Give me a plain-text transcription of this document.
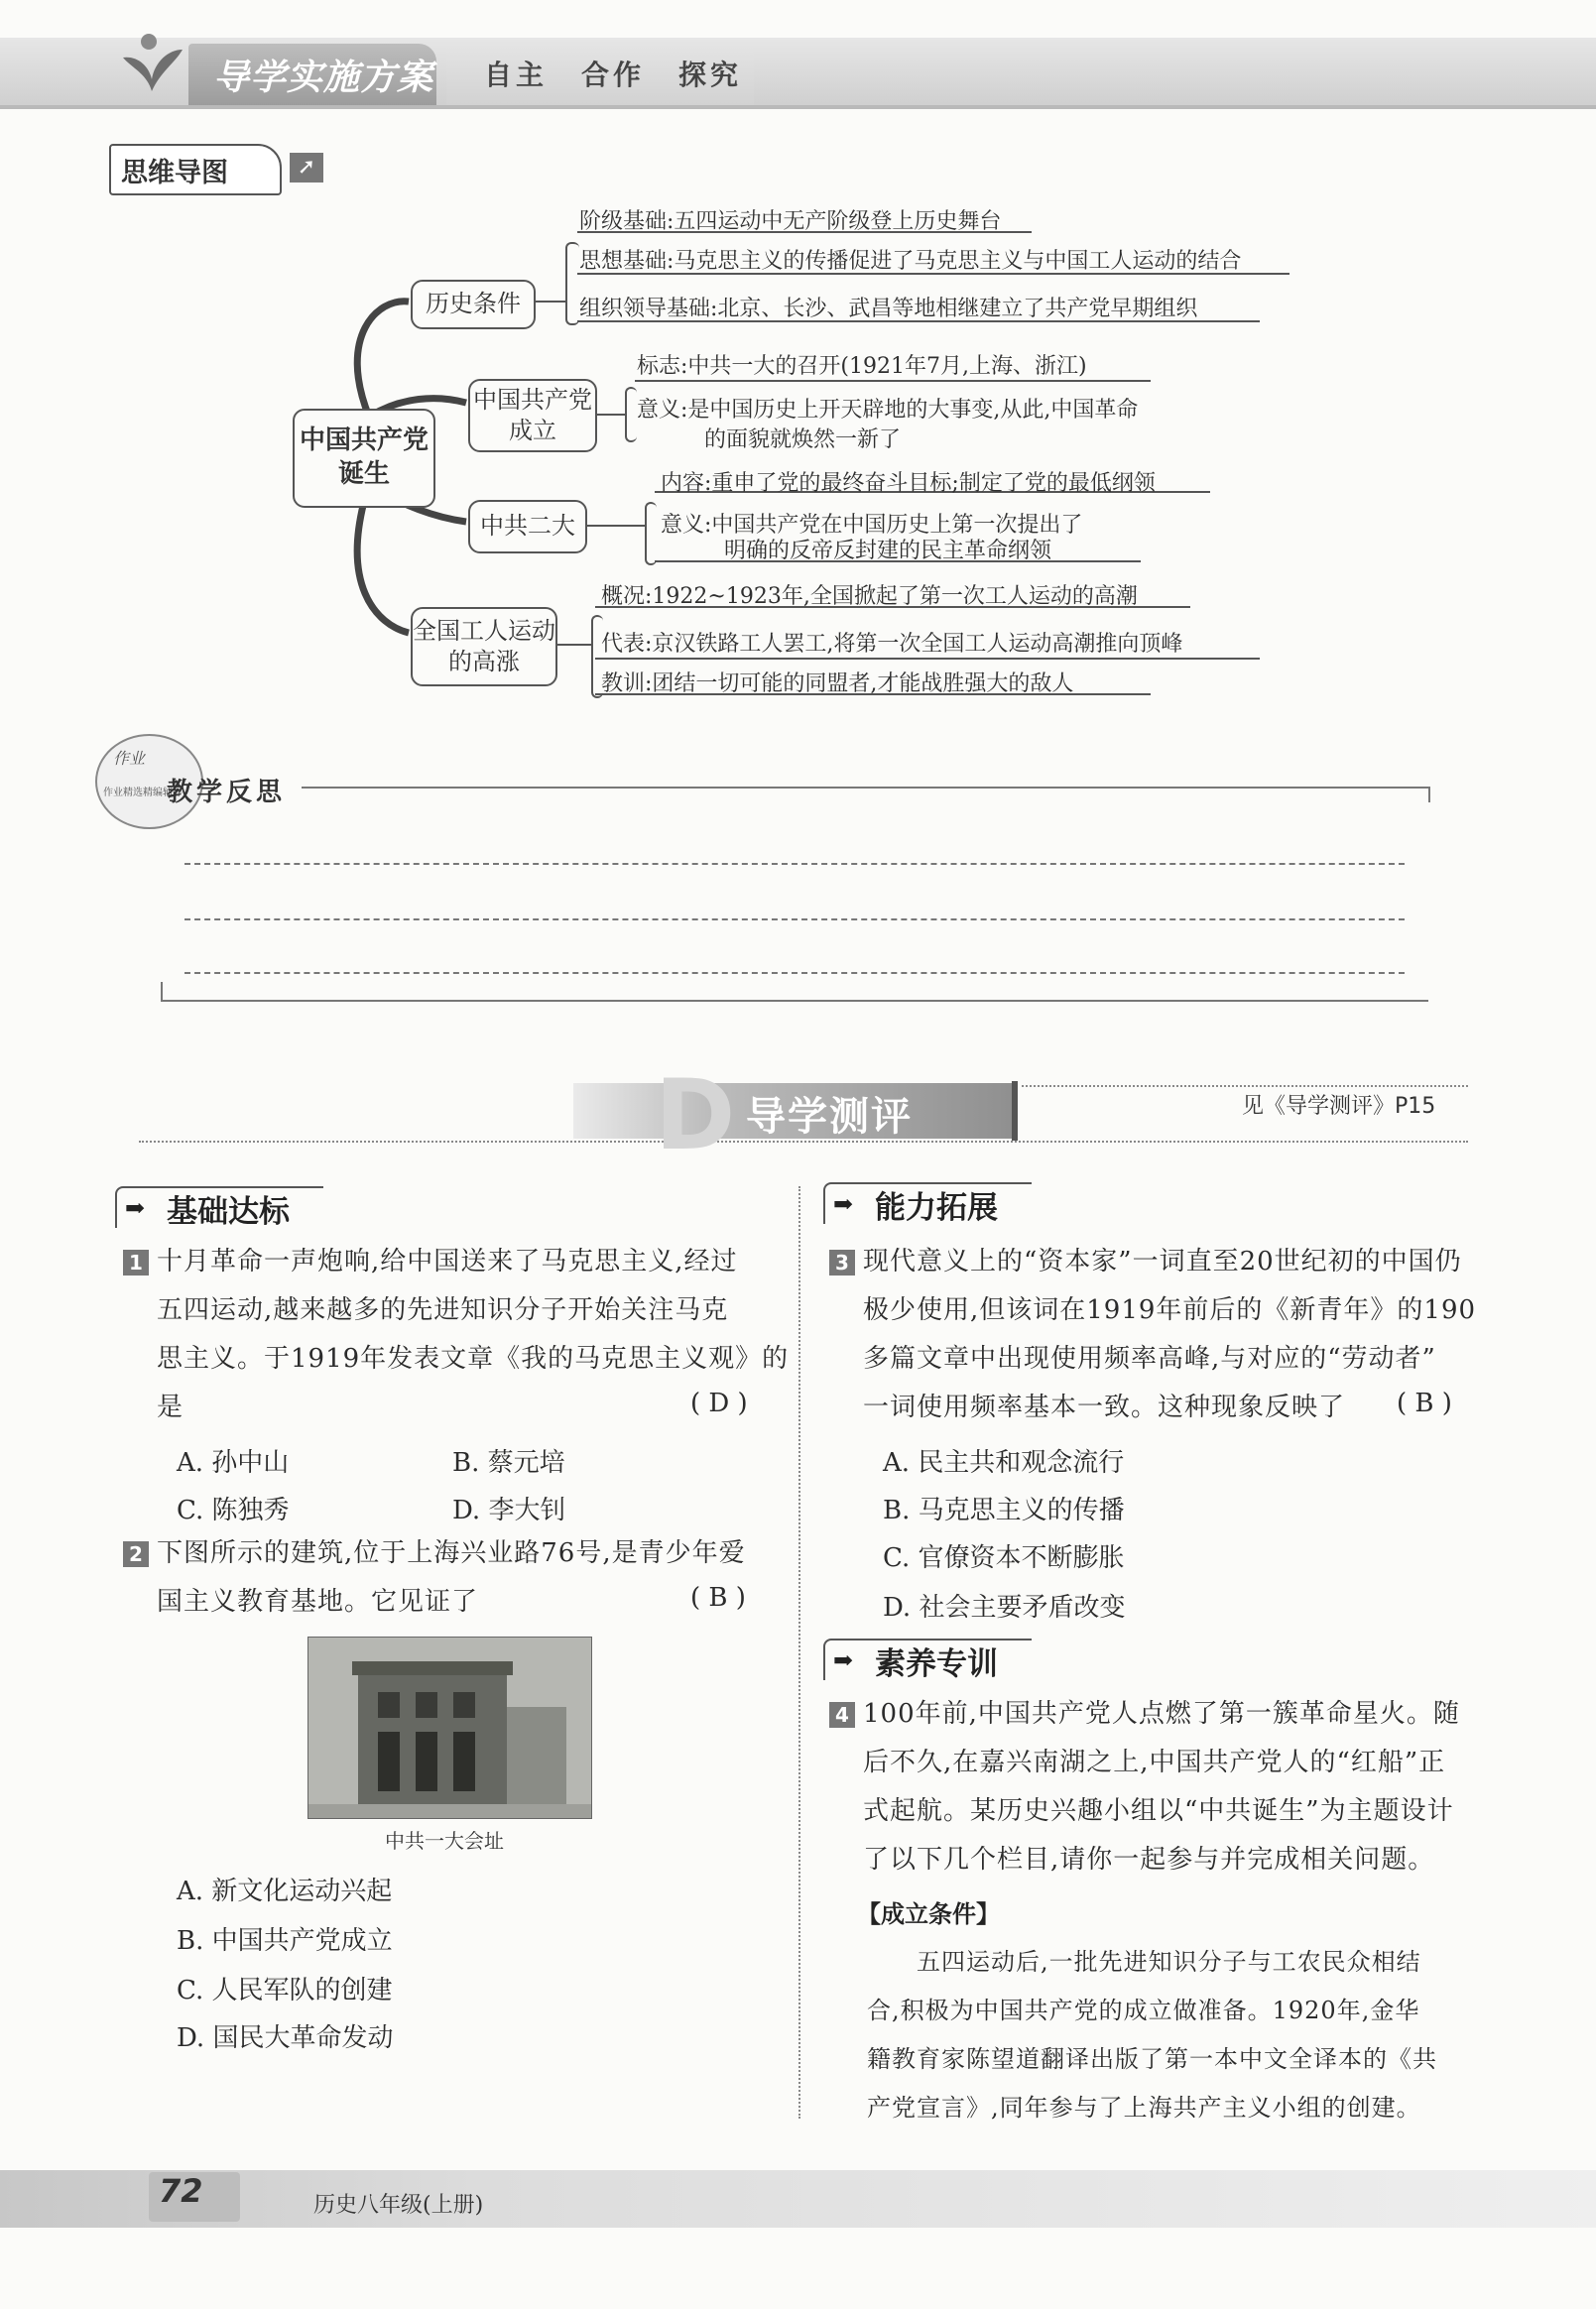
导学实施方案 自主 合作 探究
思维导图	➚
中国共产党诞生
历史条件
中国共产党成立
中共二大
全国工人运动的高涨
阶级基础:五四运动中无产阶级登上历史舞台
思想基础:马克思主义的传播促进了马克思主义与中国工人运动的结合
组织领导基础:北京、长沙、武昌等地相继建立了共产党早期组织
标志:中共一大的召开(1921年7月,上海、浙江)
意义:是中国历史上开天辟地的大事变,从此,中国革命
的面貌就焕然一新了
内容:重申了党的最终奋斗目标;制定了党的最低纲领
意义:中国共产党在中国历史上第一次提出了
明确的反帝反封建的民主革命纲领
概况:1922~1923年,全国掀起了第一次工人运动的高潮
代表:京汉铁路工人罢工,将第一次全国工人运动高潮推向顶峰
教训:团结一切可能的同盟者,才能战胜强大的敌人
作业
作业精选精编辅导
教学反思
D 导学测评	见《导学测评》P15
➡ 基础达标
1 十月革命一声炮响,给中国送来了马克思主义,经过
五四运动,越来越多的先进知识分子开始关注马克
思主义。于1919年发表文章《我的马克思主义观》的
是	( D )
A. 孙中山	B. 蔡元培
C. 陈独秀	D. 李大钊
2 下图所示的建筑,位于上海兴业路76号,是青少年爱
国主义教育基地。它见证了	( B )
中共一大会址
A. 新文化运动兴起
B. 中国共产党成立
C. 人民军队的创建
D. 国民大革命发动
➡ 能力拓展
3 现代意义上的“资本家”一词直至20世纪初的中国仍
极少使用,但该词在1919年前后的《新青年》的190
多篇文章中出现使用频率高峰,与对应的“劳动者”
一词使用频率基本一致。这种现象反映了 ( B )
A. 民主共和观念流行
B. 马克思主义的传播
C. 官僚资本不断膨胀
D. 社会主要矛盾改变
➡ 素养专训
4 100年前,中国共产党人点燃了第一簇革命星火。随
后不久,在嘉兴南湖之上,中国共产党人的“红船”正
式起航。某历史兴趣小组以“中共诞生”为主题设计
了以下几个栏目,请你一起参与并完成相关问题。
【成立条件】
五四运动后,一批先进知识分子与工农民众相结
合,积极为中国共产党的成立做准备。1920年,金华
籍教育家陈望道翻译出版了第一本中文全译本的《共
产党宣言》,同年参与了上海共产主义小组的创建。
72	历史八年级(上册)
